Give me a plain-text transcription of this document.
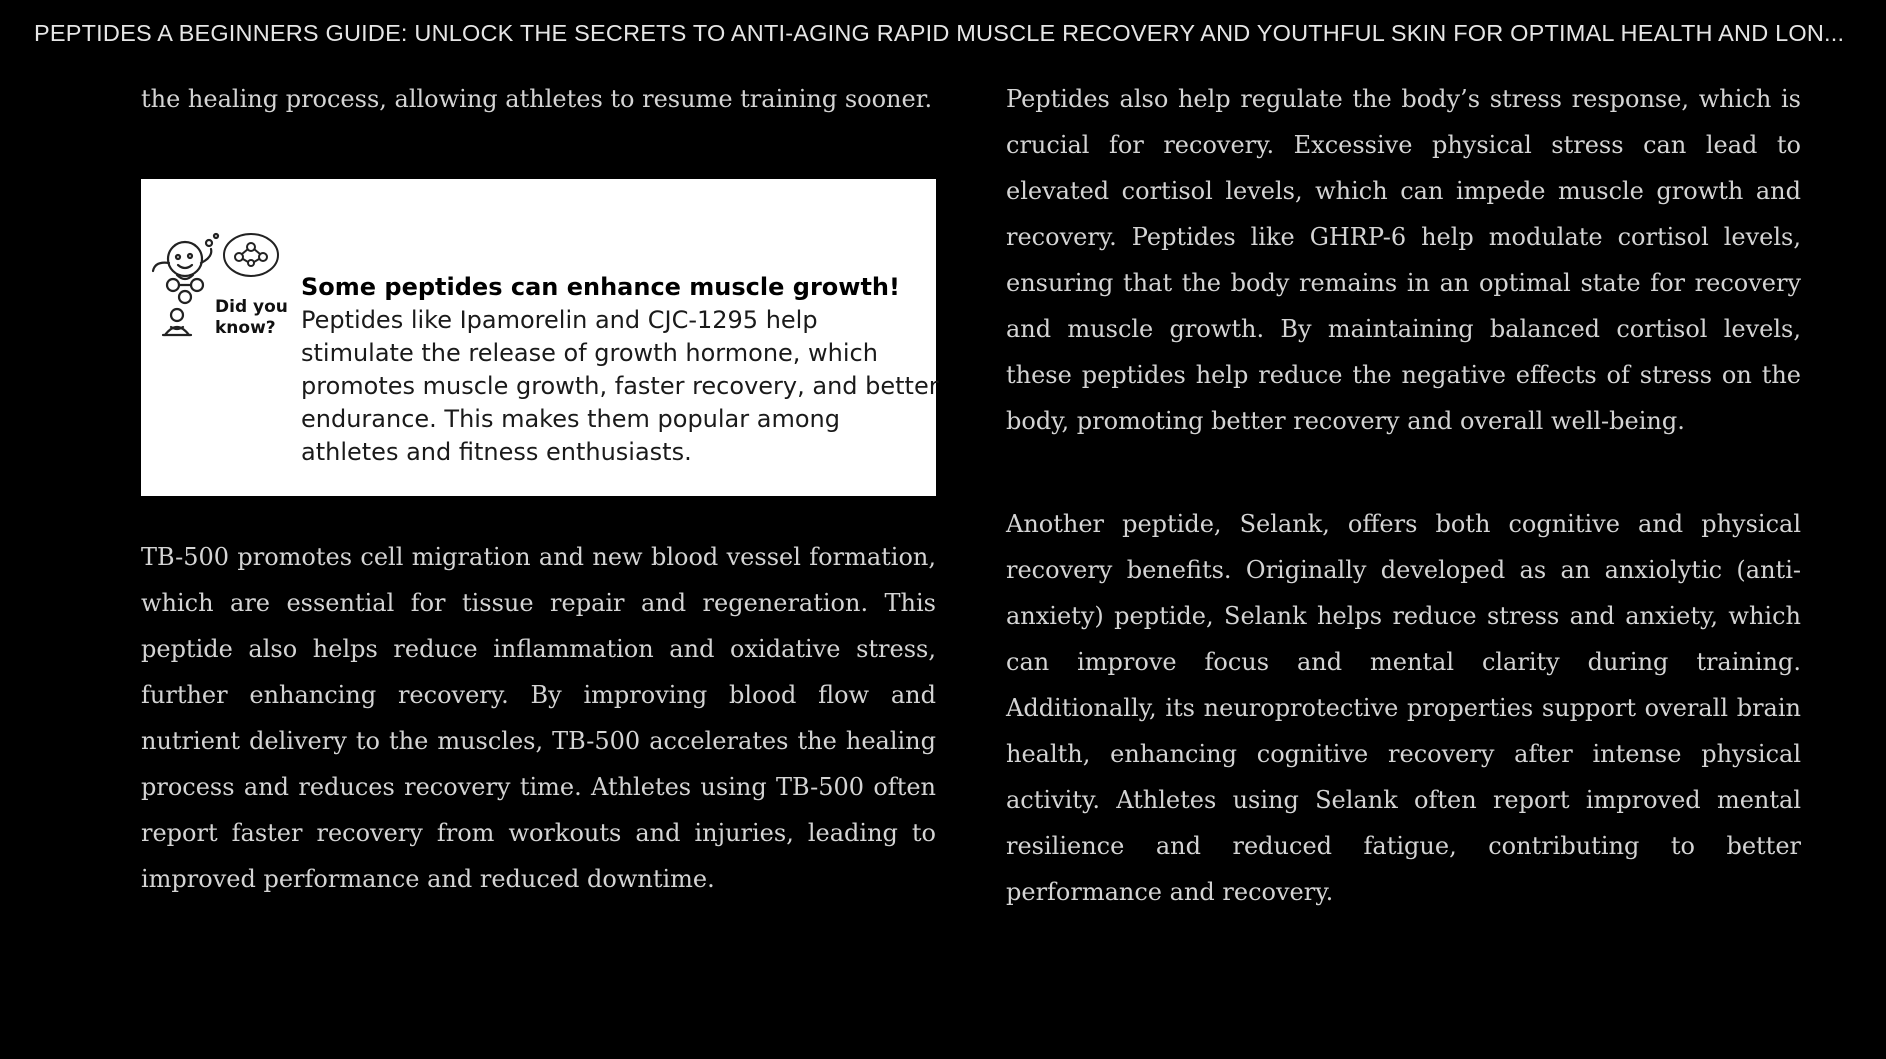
PEPTIDES A BEGINNERS GUIDE: UNLOCK THE SECRETS TO ANTI-AGING RAPID MUSCLE RECOVERY AND YOUTHFUL SKIN FOR OPTIMAL HEALTH AND LON...

the healing process, allowing athletes to resume training sooner.

Did you
know?

Some peptides can enhance muscle growth!
Peptides like Ipamorelin and CJC-1295 help
stimulate the release of growth hormone, which
promotes muscle growth, faster recovery, and better
endurance. This makes them popular among
athletes and fitness enthusiasts.

TB-500 promotes cell migration and new blood vessel formation, which are essential for tissue repair and regeneration. This peptide also helps reduce inflammation and oxidative stress, further enhancing recovery. By improving blood flow and nutrient delivery to the muscles, TB-500 accelerates the healing process and reduces recovery time. Athletes using TB-500 often report faster recovery from workouts and injuries, leading to improved performance and reduced downtime.

Peptides also help regulate the body’s stress response, which is crucial for recovery. Excessive physical stress can lead to elevated cortisol levels, which can impede muscle growth and recovery. Peptides like GHRP-6 help modulate cortisol levels, ensuring that the body remains in an optimal state for recovery and muscle growth. By maintaining balanced cortisol levels, these peptides help reduce the negative effects of stress on the body, promoting better recovery and overall well-being.

Another peptide, Selank, offers both cognitive and physical recovery benefits. Originally developed as an anxiolytic (anti-anxiety) peptide, Selank helps reduce stress and anxiety, which can improve focus and mental clarity during training. Additionally, its neuroprotective properties support overall brain health, enhancing cognitive recovery after intense physical activity. Athletes using Selank often report improved mental resilience and reduced fatigue, contributing to better performance and recovery.
